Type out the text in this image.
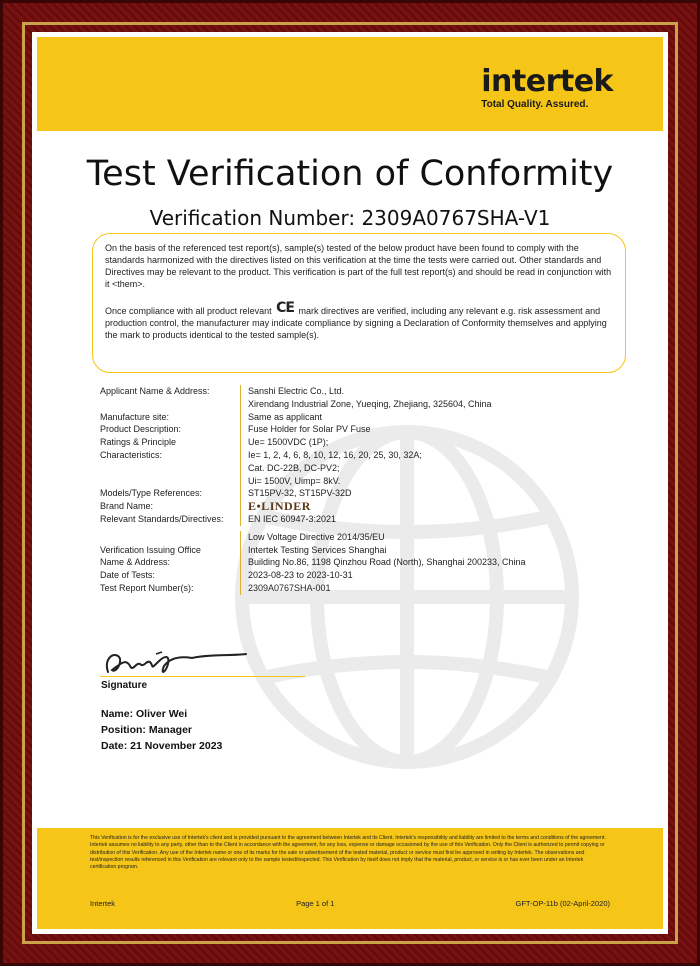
intertek
Total Quality. Assured.
Test Verification of Conformity
Verification Number: 2309A0767SHA-V1

On the basis of the referenced test report(s), sample(s) tested of the below product have been found to comply with the standards harmonized with the directives listed on this verification at the time the tests were carried out. Other standards and Directives may be relevant to the product. This verification is part of the full test report(s) and should be read in conjunction with it <them>.

Once compliance with all product relevant CE mark directives are verified, including any relevant e.g. risk assessment and production control, the manufacturer may indicate compliance by signing a Declaration of Conformity themselves and applying the mark to products identical to the tested sample(s).

Applicant Name & Address:	Sanshi Electric Co., Ltd.
Xirendang Industrial Zone, Yueqing, Zhejiang, 325604, China
Manufacture site:	Same as applicant
Product Description:	Fuse Holder for Solar PV Fuse
Ratings & Principle	Ue= 1500VDC (1P);
Characteristics:	Ie= 1, 2, 4, 6, 8, 10, 12, 16, 20, 25, 30, 32A;
Cat. DC-22B, DC-PV2;
Ui= 1500V, Uimp= 8kV.
Models/Type References:	ST15PV-32, ST15PV-32D
Brand Name:	E•LINDER
Relevant Standards/Directives:	EN IEC 60947-3:2021
Low Voltage Directive 2014/35/EU
Verification Issuing Office	Intertek Testing Services Shanghai
Name & Address:	Building No.86, 1198 Qinzhou Road (North), Shanghai 200233, China
Date of Tests:	2023-08-23 to 2023-10-31
Test Report Number(s):	2309A0767SHA-001
Signature
Name: Oliver Wei
Position: Manager
Date: 21 November 2023
This Verification is for the exclusive use of Intertek's client and is provided pursuant to the agreement between Intertek and its Client. Intertek's responsibility and liability are limited to the terms and conditions of the agreement. Intertek assumes no liability to any party, other than to the Client in accordance with the agreement, for any loss, expense or damage occasioned by the use of this Verification. Only the Client is authorized to permit copying or distribution of this Verification. Any use of the Intertek name or one of its marks for the sale or advertisement of the tested material, product or service must first be approved in writing by Intertek. The observations and test/inspection results referenced in this Verification are relevant only to the sample tested/inspected. This Verification by itself does not imply that the material, product, or service is or has ever been under an Intertek certification program.
Intertek	Page 1 of 1	GFT-OP-11b (02-April-2020)
